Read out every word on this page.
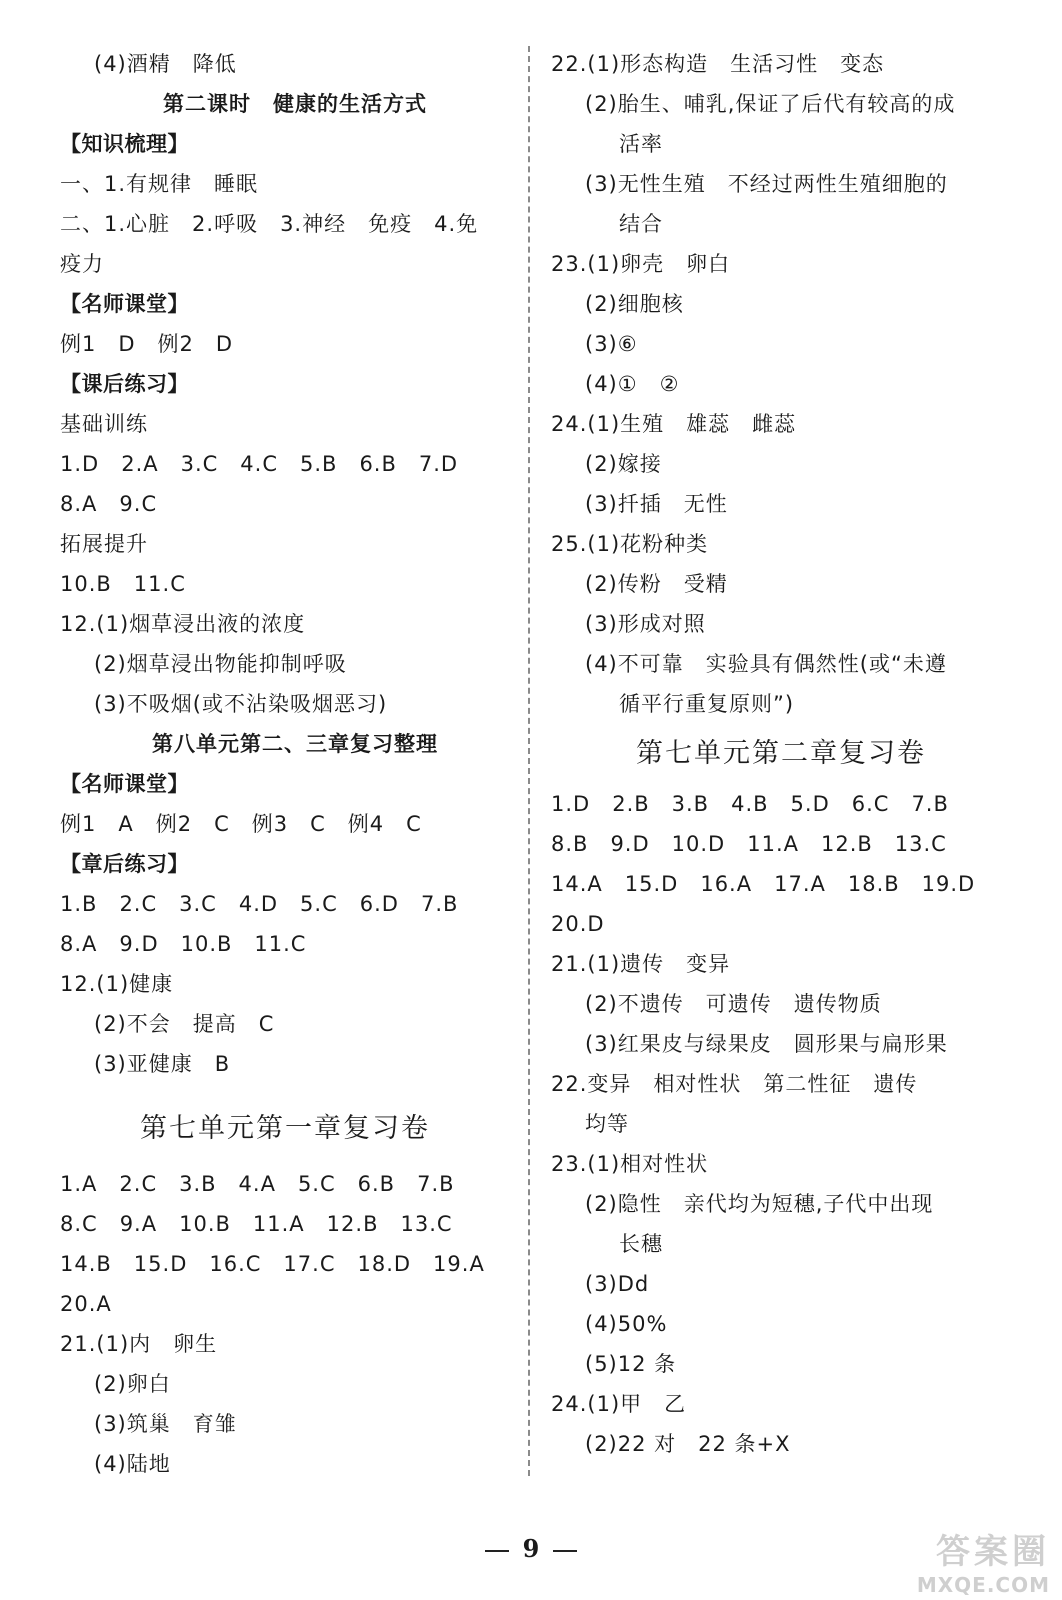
(4)酒精　降低
第二课时　健康的生活方式
【知识梳理】
一、1.有规律　睡眠
二、1.心脏　2.呼吸　3.神经　免疫　4.免
疫力
【名师课堂】
例1　D　例2　D
【课后练习】
基础训练
1.D　2.A　3.C　4.C　5.B　6.B　7.D
8.A　9.C
拓展提升
10.B　11.C
12.(1)烟草浸出液的浓度
(2)烟草浸出物能抑制呼吸
(3)不吸烟(或不沾染吸烟恶习)
第八单元第二、三章复习整理
【名师课堂】
例1　A　例2　C　例3　C　例4　C
【章后练习】
1.B　2.C　3.C　4.D　5.C　6.D　7.B
8.A　9.D　10.B　11.C
12.(1)健康
(2)不会　提高　C
(3)亚健康　B
第七单元第一章复习卷
1.A　2.C　3.B　4.A　5.C　6.B　7.B
8.C　9.A　10.B　11.A　12.B　13.C
14.B　15.D　16.C　17.C　18.D　19.A
20.A
21.(1)内　卵生
(2)卵白
(3)筑巢　育雏
(4)陆地
22.(1)形态构造　生活习性　变态
(2)胎生、哺乳,保证了后代有较高的成
活率
(3)无性生殖　不经过两性生殖细胞的
结合
23.(1)卵壳　卵白
(2)细胞核
(3)⑥
(4)①　②
24.(1)生殖　雄蕊　雌蕊
(2)嫁接
(3)扦插　无性
25.(1)花粉种类
(2)传粉　受精
(3)形成对照
(4)不可靠　实验具有偶然性(或“未遵
循平行重复原则”)
第七单元第二章复习卷
1.D　2.B　3.B　4.B　5.D　6.C　7.B
8.B　9.D　10.D　11.A　12.B　13.C
14.A　15.D　16.A　17.A　18.B　19.D
20.D
21.(1)遗传　变异
(2)不遗传　可遗传　遗传物质
(3)红果皮与绿果皮　圆形果与扁形果
22.变异　相对性状　第二性征　遗传
均等
23.(1)相对性状
(2)隐性　亲代均为短穗,子代中出现
长穗
(3)Dd
(4)50%
(5)12 条
24.(1)甲　乙
(2)22 对　22 条+X
9	答案圈
MXQE.COM
